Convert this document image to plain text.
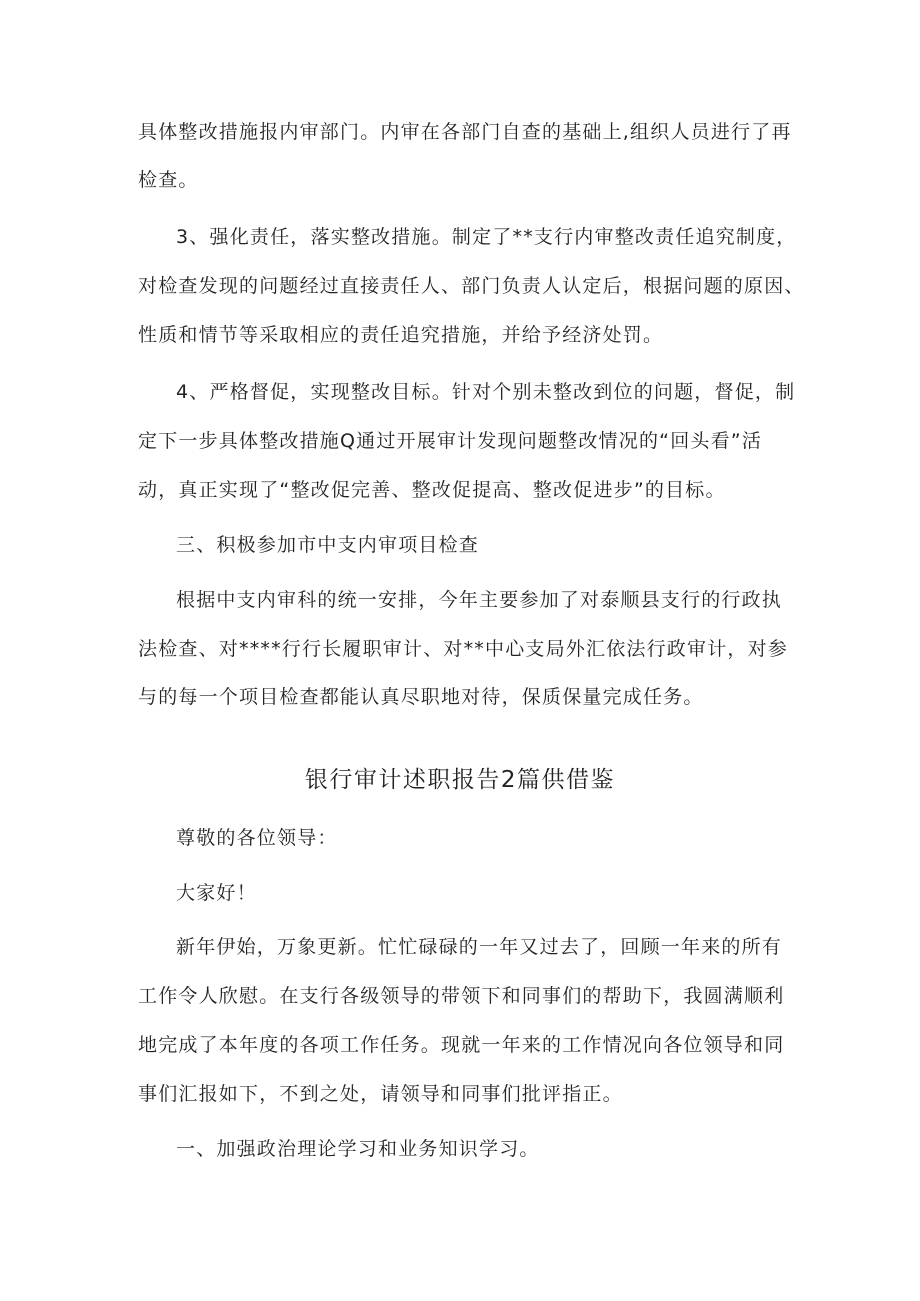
具体整改措施报内审部门。内审在各部门自查的基础上,组织人员进行了再
检查。
3、强化责任，落实整改措施。制定了**支行内审整改责任追究制度，
对检查发现的问题经过直接责任人、部门负责人认定后，根据问题的原因、
性质和情节等采取相应的责任追究措施，并给予经济处罚。
4、严格督促，实现整改目标。针对个别未整改到位的问题，督促，制
定下一步具体整改措施Q通过开展审计发现问题整改情况的“回头看”活
动，真正实现了“整改促完善、整改促提高、整改促进步”的目标。
三、积极参加市中支内审项目检查
根据中支内审科的统一安排，今年主要参加了对泰顺县支行的行政执
法检查、对****行行长履职审计、对**中心支局外汇依法行政审计，对参
与的每一个项目检查都能认真尽职地对待，保质保量完成任务。
银行审计述职报告2篇供借鉴
尊敬的各位领导：
大家好！
新年伊始，万象更新。忙忙碌碌的一年又过去了，回顾一年来的所有
工作令人欣慰。在支行各级领导的带领下和同事们的帮助下，我圆满顺利
地完成了本年度的各项工作任务。现就一年来的工作情况向各位领导和同
事们汇报如下，不到之处，请领导和同事们批评指正。
一、加强政治理论学习和业务知识学习。
